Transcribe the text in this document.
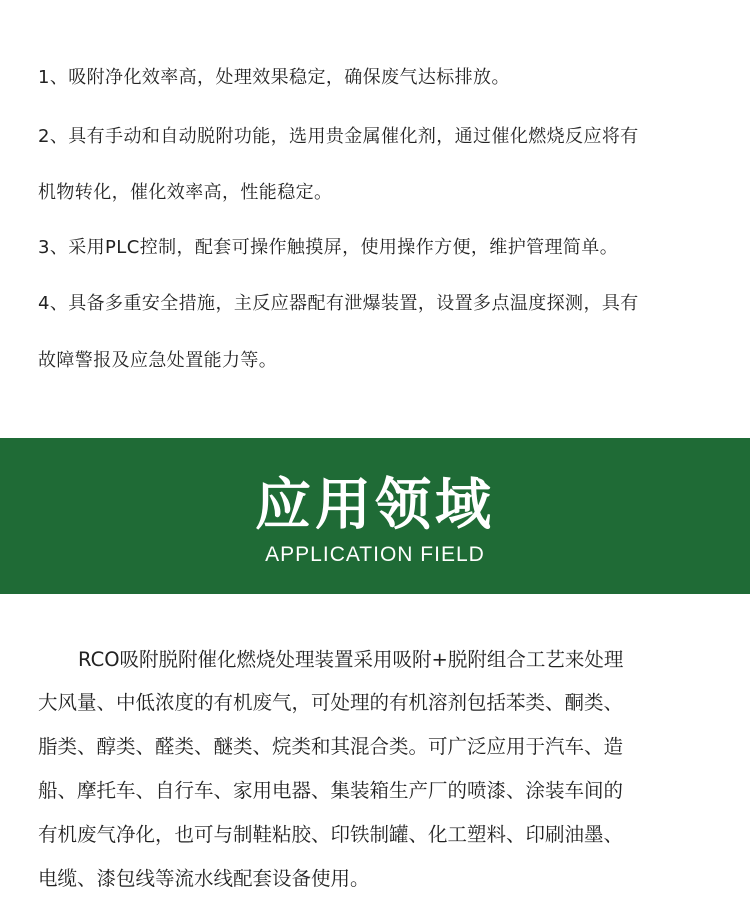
1、吸附净化效率高，处理效果稳定，确保废气达标排放。
2、具有手动和自动脱附功能，选用贵金属催化剂，通过催化燃烧反应将有
机物转化，催化效率高，性能稳定。
3、采用PLC控制，配套可操作触摸屏，使用操作方便，维护管理简单。
4、具备多重安全措施，主反应器配有泄爆装置，设置多点温度探测，具有
故障警报及应急处置能力等。
应用领域
APPLICATION FIELD
RCO吸附脱附催化燃烧处理装置采用吸附+脱附组合工艺来处理
大风量、中低浓度的有机废气，可处理的有机溶剂包括苯类、酮类、
脂类、醇类、醛类、醚类、烷类和其混合类。可广泛应用于汽车、造
船、摩托车、自行车、家用电器、集装箱生产厂的喷漆、涂装车间的
有机废气净化，也可与制鞋粘胶、印铁制罐、化工塑料、印刷油墨、
电缆、漆包线等流水线配套设备使用。
